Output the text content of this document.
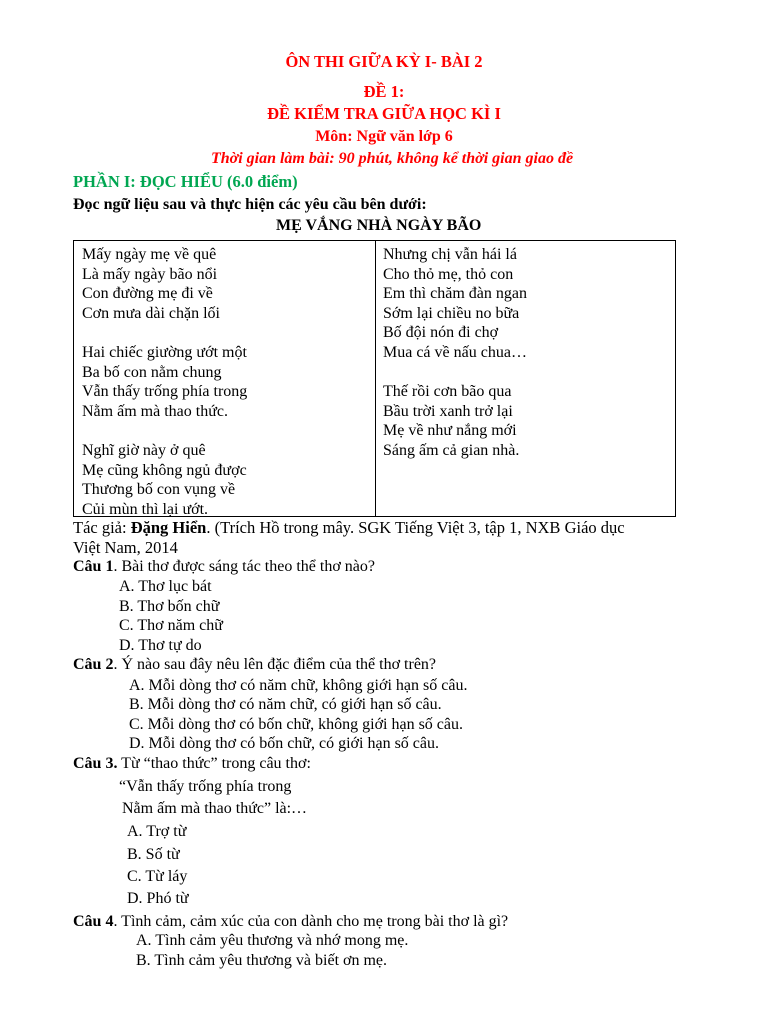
ÔN THI GIỮA KỲ I- BÀI 2
ĐỀ 1:
ĐỀ KIỂM TRA GIỮA HỌC KÌ I
Môn: Ngữ văn lớp 6
Thời gian làm bài: 90 phút, không kể thời gian giao đề
PHẦN I: ĐỌC HIỂU (6.0 điểm)
Đọc ngữ liệu sau và thực hiện các yêu cầu bên dưới:
MẸ VẮNG NHÀ NGÀY BÃO
Mấy ngày mẹ về quê
Là mấy ngày bão nổi
Con đường mẹ đi về
Cơn mưa dài chặn lối
Hai chiếc giường ướt một
Ba bố con nằm chung
Vẫn thấy trống phía trong
Nằm ấm mà thao thức.
Nghĩ giờ này ở quê
Mẹ cũng không ngủ được
Thương bố con vụng về
Củi mùn thì lại ướt.
Nhưng chị vẫn hái lá
Cho thỏ mẹ, thỏ con
Em thì chăm đàn ngan
Sớm lại chiều no bữa
Bố đội nón đi chợ
Mua cá về nấu chua…
Thế rồi cơn bão qua
Bầu trời xanh trở lại
Mẹ về như nắng mới
Sáng ấm cả gian nhà.
Tác giả: Đặng Hiển. (Trích Hồ trong mây. SGK Tiếng Việt 3, tập 1, NXB Giáo dục
Việt Nam, 2014
Câu 1. Bài thơ được sáng tác theo thể thơ nào?
A. Thơ lục bát
B. Thơ bốn chữ
C. Thơ năm chữ
D. Thơ tự do
Câu 2. Ý nào sau đây nêu lên đặc điểm của thể thơ trên?
A. Mỗi dòng thơ có năm chữ, không giới hạn số câu.
B. Mỗi dòng thơ có năm chữ, có giới hạn số câu.
C. Mỗi dòng thơ có bốn chữ, không giới hạn số câu.
D. Mỗi dòng thơ có bốn chữ, có giới hạn số câu.
Câu 3. Từ “thao thức” trong câu thơ:
“Vẫn thấy trống phía trong
Nằm ấm mà thao thức” là:…
A. Trợ từ
B. Số từ
C. Từ láy
D. Phó từ
Câu 4. Tình cảm, cảm xúc của con dành cho mẹ trong bài thơ là gì?
A. Tình cảm yêu thương và nhớ mong mẹ.
B. Tình cảm yêu thương và biết ơn mẹ.
